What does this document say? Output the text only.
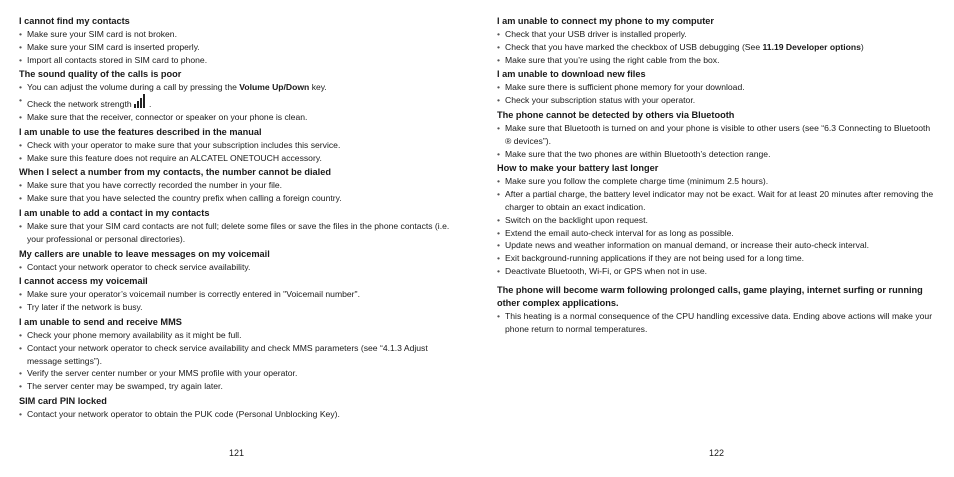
I cannot find my contacts
• Make sure your SIM card is not broken.
• Make sure your SIM card is inserted properly.
• Import all contacts stored in SIM card to phone.
The sound quality of the calls is poor
• You can adjust the volume during a call by pressing the Volume Up/Down key.
• Check the network strength
.
• Make sure that the receiver, connector or speaker on your phone is clean.
I am unable to use the features described in the manual
• Check with your operator to make sure that your subscription includes this service.
• Make sure this feature does not require an ALCATEL ONETOUCH accessory.
When I select a number from my contacts, the number cannot be dialed
• Make sure that you have correctly recorded the number in your file.
• Make sure that you have selected the country prefix when calling a foreign country.
I am unable to add a contact in my contacts
• Make sure that your SIM card contacts are not full; delete some files or save the files in the phone contacts (i.e. your professional or personal directories).
My callers are unable to leave messages on my voicemail
• Contact your network operator to check service availability.
I cannot access my voicemail
• Make sure your operator’s voicemail number is correctly entered in "Voicemail number".
• Try later if the network is busy.
I am unable to send and receive MMS
• Check your phone memory availability as it might be full.
• Contact your network operator to check service availability and check MMS parameters (see “4.1.3 Adjust message settings”).
• Verify the server center number or your MMS profile with your operator.
• The server center may be swamped, try again later.
SIM card PIN locked
• Contact your network operator to obtain the PUK code (Personal Unblocking Key).
I am unable to connect my phone to my computer
• Check that your USB driver is installed properly.
• Check that you have marked the checkbox of USB debugging (See 11.19 Developer options)
• Make sure that you’re using the right cable from the box.
I am unable to download new files
• Make sure there is sufficient phone memory for your download.
• Check your subscription status with your operator.
The phone cannot be detected by others via Bluetooth
• Make sure that Bluetooth is turned on and your phone is visible to other users (see “6.3 Connecting to Bluetooth ® devices”).
• Make sure that the two phones are within Bluetooth’s detection range.
How to make your battery last longer
• Make sure you follow the complete charge time (minimum 2.5 hours).
• After a partial charge, the battery level indicator may not be exact. Wait for at least 20 minutes after removing the charger to obtain an exact indication.
• Switch on the backlight upon request.
• Extend the email auto-check interval for as long as possible.
• Update news and weather information on manual demand, or increase their auto-check interval.
• Exit background-running applications if they are not being used for a long time.
• Deactivate Bluetooth, Wi-Fi, or GPS when not in use.
The phone will become warm following prolonged calls, game playing, internet surfing or running other complex applications.
• This heating is a normal consequence of the CPU handling excessive data. Ending above actions will make your phone return to normal temperatures.
121	122
